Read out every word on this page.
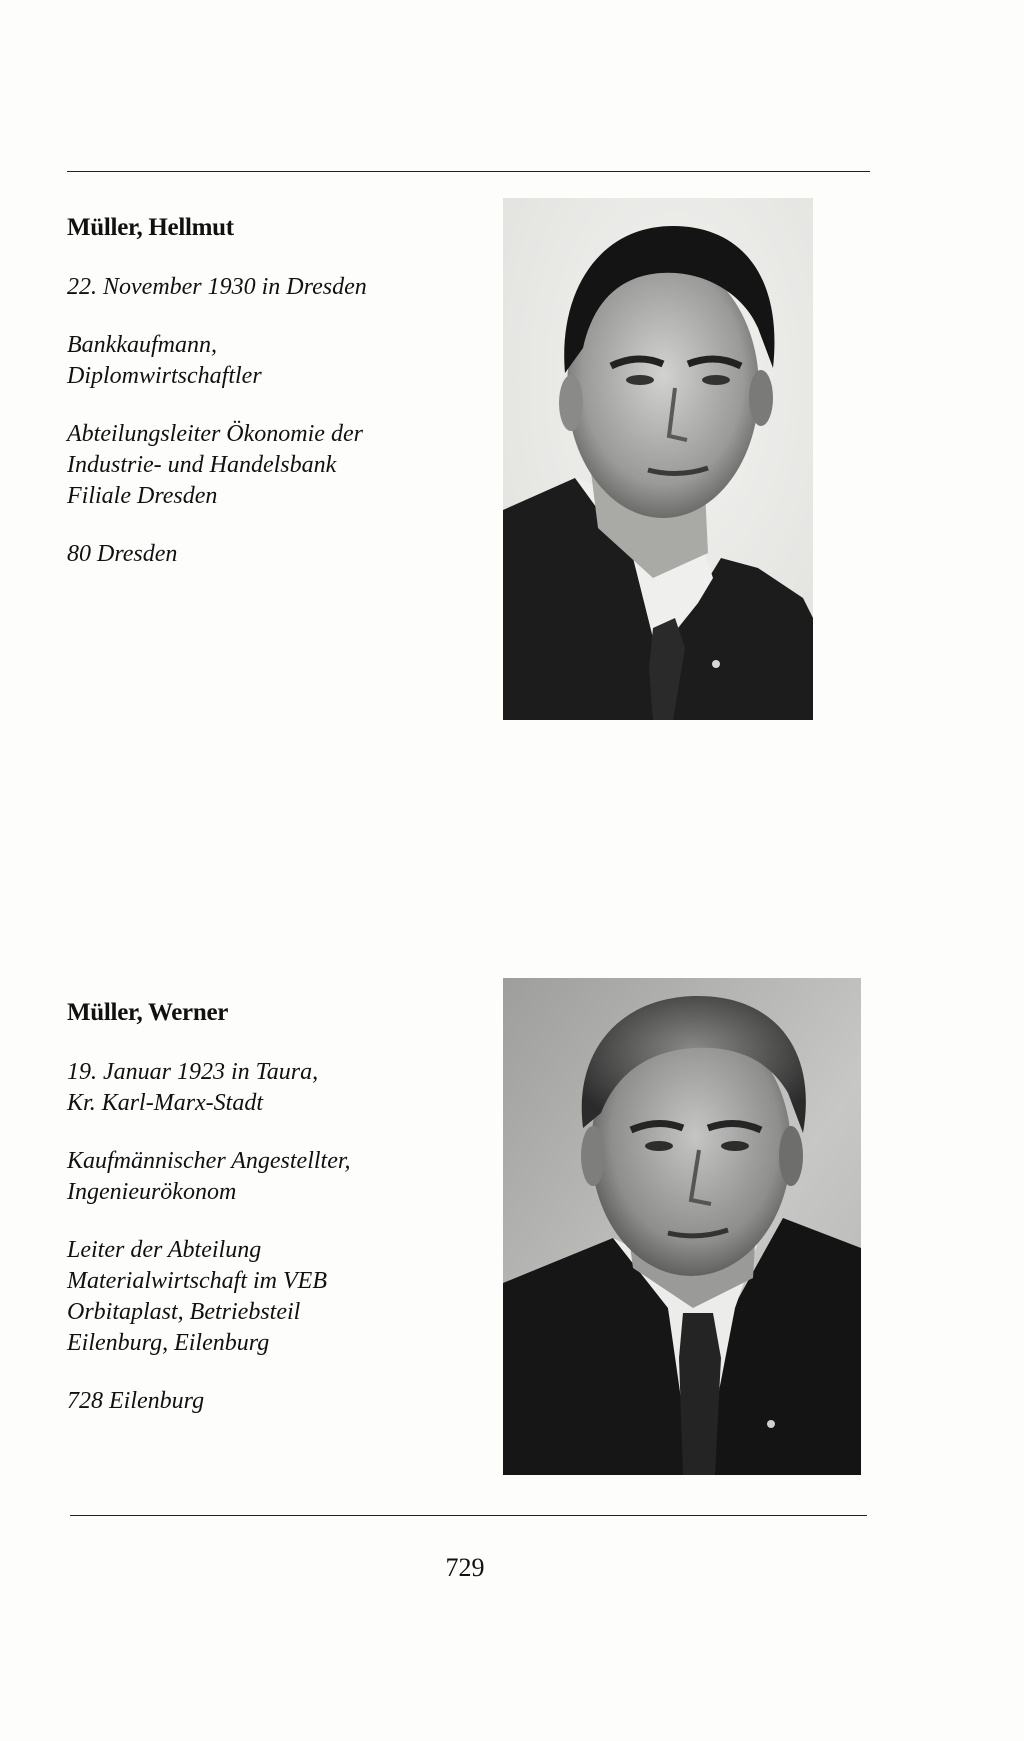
Müller, Hellmut
22. November 1930 in Dresden
Bankkaufmann,
Diplomwirtschaftler
Abteilungsleiter Ökonomie der
Industrie- und Handelsbank
Filiale Dresden
80 Dresden
Müller, Werner
19. Januar 1923 in Taura,
Kr. Karl-Marx-Stadt
Kaufmännischer Angestellter,
Ingenieurökonom
Leiter der Abteilung
Materialwirtschaft im VEB
Orbitaplast, Betriebsteil
Eilenburg, Eilenburg
728 Eilenburg
729
